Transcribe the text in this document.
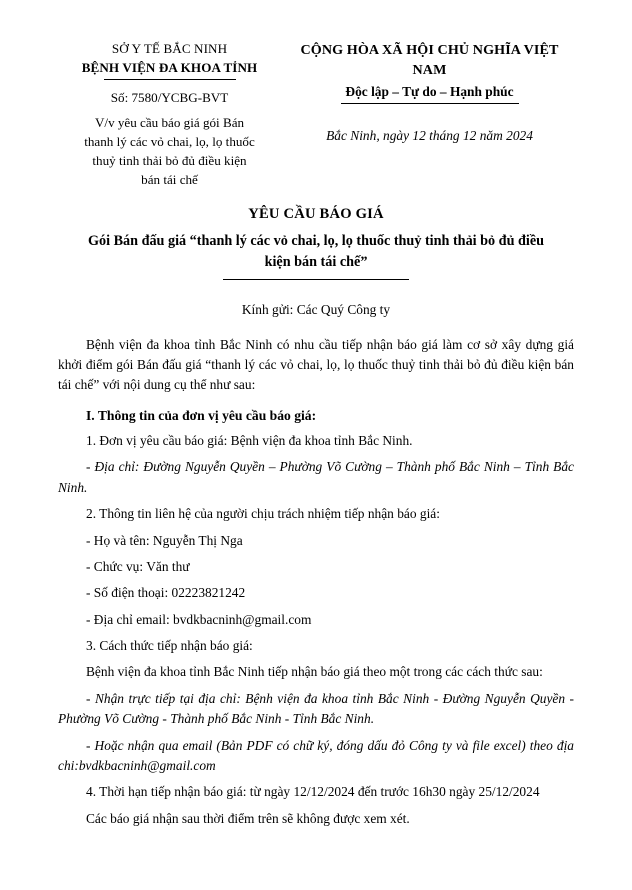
SỞ Y TẾ BẮC NINH
BỆNH VIỆN ĐA KHOA TỈNH
Số: 7580/YCBG-BVT
V/v yêu cầu báo giá gói Bán
thanh lý các vỏ chai, lọ, lọ thuốc
thuỷ tinh thải bỏ đủ điều kiện
bán tái chế
CỘNG HÒA XÃ HỘI CHỦ NGHĨA VIỆT NAM
Độc lập – Tự do – Hạnh phúc
Bắc Ninh, ngày 12 tháng 12 năm 2024
YÊU CẦU BÁO GIÁ
Gói Bán đấu giá “thanh lý các vỏ chai, lọ, lọ thuốc thuỷ tinh thải bỏ đủ điều kiện bán tái chế”
Kính gửi: Các Quý Công ty

Bệnh viện đa khoa tỉnh Bắc Ninh có nhu cầu tiếp nhận báo giá làm cơ sở xây dựng giá khởi điểm gói Bán đấu giá “thanh lý các vỏ chai, lọ, lọ thuốc thuỷ tinh thải bỏ đủ điều kiện bán tái chế” với nội dung cụ thể như sau:

I. Thông tin của đơn vị yêu cầu báo giá:

1. Đơn vị yêu cầu báo giá: Bệnh viện đa khoa tỉnh Bắc Ninh.

- Địa chỉ: Đường Nguyễn Quyền – Phường Võ Cường – Thành phố Bắc Ninh – Tỉnh Bắc Ninh.

2. Thông tin liên hệ của người chịu trách nhiệm tiếp nhận báo giá:

- Họ và tên: Nguyễn Thị Nga

- Chức vụ: Văn thư

- Số điện thoại: 02223821242

- Địa chỉ email: bvdkbacninh@gmail.com

3. Cách thức tiếp nhận báo giá:

Bệnh viện đa khoa tỉnh Bắc Ninh tiếp nhận báo giá theo một trong các cách thức sau:

- Nhận trực tiếp tại địa chỉ: Bệnh viện đa khoa tỉnh Bắc Ninh - Đường Nguyễn Quyền - Phường Võ Cường - Thành phố Bắc Ninh - Tỉnh Bắc Ninh.

- Hoặc nhận qua email (Bản PDF có chữ ký, đóng dấu đỏ Công ty và file excel) theo địa chi:bvdkbacninh@gmail.com

4. Thời hạn tiếp nhận báo giá: từ ngày 12/12/2024 đến trước 16h30 ngày 25/12/2024

Các báo giá nhận sau thời điểm trên sẽ không được xem xét.
